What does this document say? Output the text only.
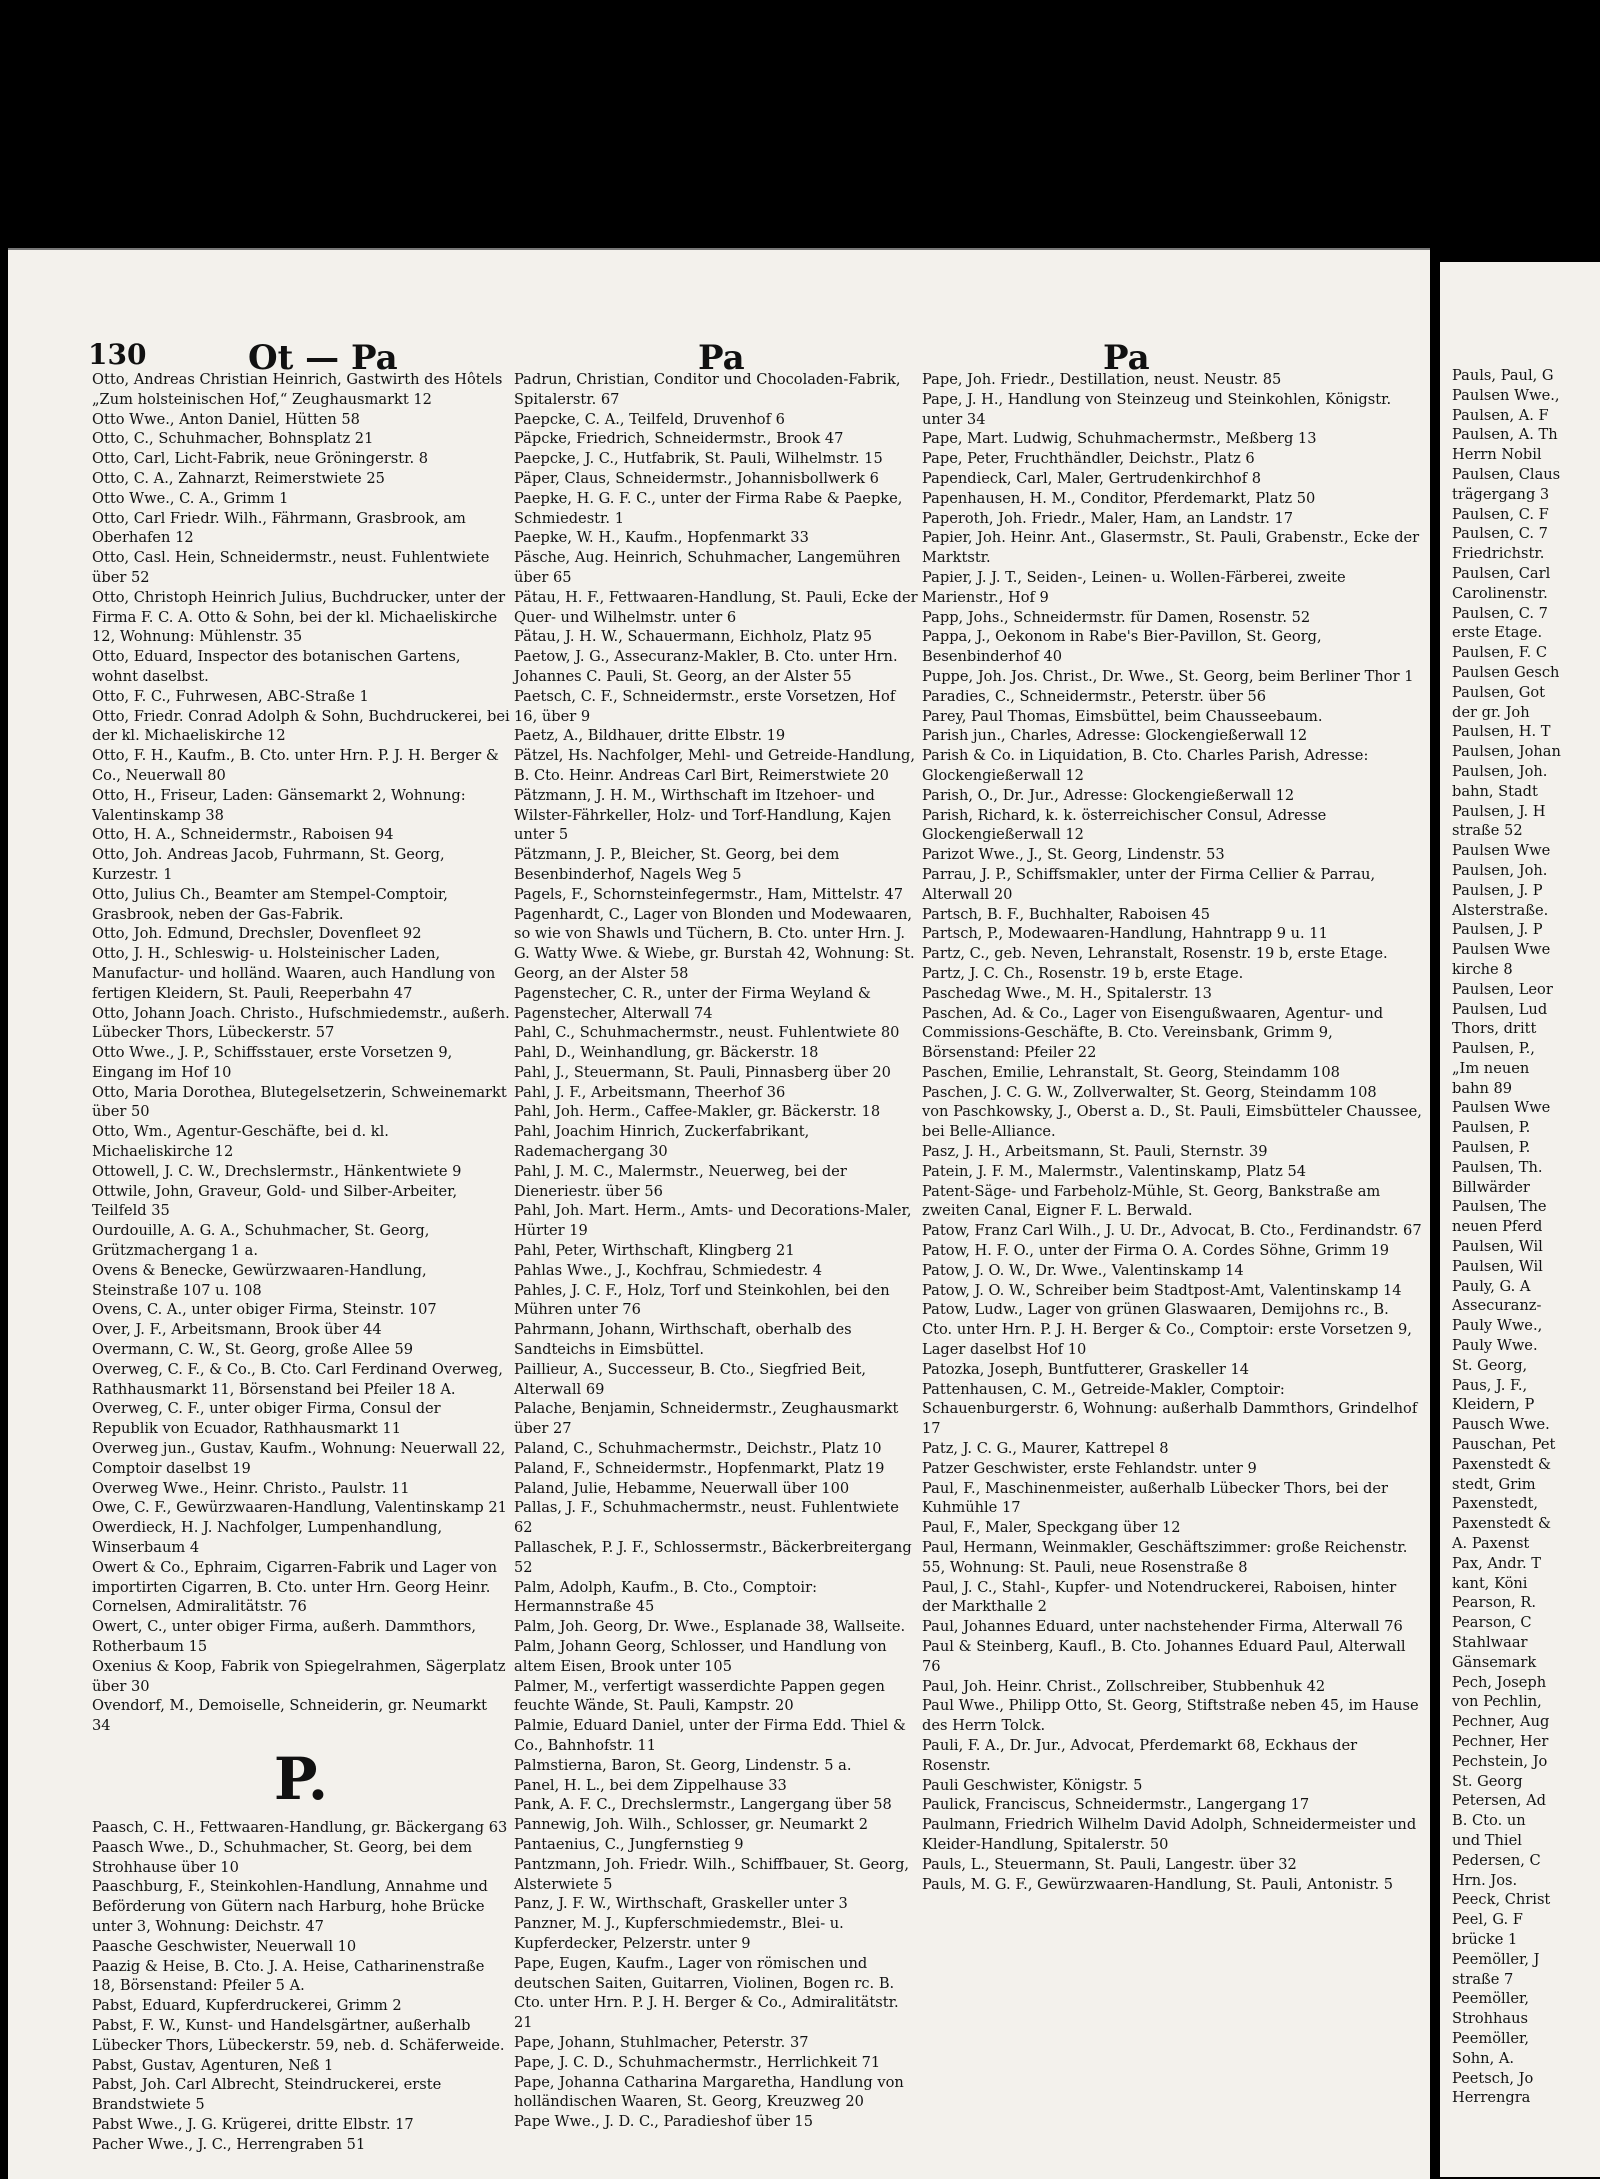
130	Ot — Pa	Pa	Pa
Otto, Andreas Christian Heinrich, Gastwirth des Hôtels „Zum holsteinischen Hof,“ Zeughausmarkt 12
Otto Wwe., Anton Daniel, Hütten 58
Otto, C., Schuhmacher, Bohnsplatz 21
Otto, Carl, Licht-Fabrik, neue Gröningerstr. 8
Otto, C. A., Zahnarzt, Reimerstwiete 25
Otto Wwe., C. A., Grimm 1
Otto, Carl Friedr. Wilh., Fährmann, Grasbrook, am Oberhafen 12
Otto, Casl. Hein, Schneidermstr., neust. Fuhlentwiete über 52
Otto, Christoph Heinrich Julius, Buchdrucker, unter der Firma F. C. A. Otto & Sohn, bei der kl. Michaeliskirche 12, Wohnung: Mühlenstr. 35
Otto, Eduard, Inspector des botanischen Gartens, wohnt daselbst.
Otto, F. C., Fuhrwesen, ABC-Straße 1
Otto, Friedr. Conrad Adolph & Sohn, Buchdruckerei, bei der kl. Michaeliskirche 12
Otto, F. H., Kaufm., B. Cto. unter Hrn. P. J. H. Berger & Co., Neuerwall 80
Otto, H., Friseur, Laden: Gänsemarkt 2, Wohnung: Valentinskamp 38
Otto, H. A., Schneidermstr., Raboisen 94
Otto, Joh. Andreas Jacob, Fuhrmann, St. Georg, Kurzestr. 1
Otto, Julius Ch., Beamter am Stempel-Comptoir, Grasbrook, neben der Gas-Fabrik.
Otto, Joh. Edmund, Drechsler, Dovenfleet 92
Otto, J. H., Schleswig- u. Holsteinischer Laden, Manufactur- und holländ. Waaren, auch Handlung von fertigen Kleidern, St. Pauli, Reeperbahn 47
Otto, Johann Joach. Christo., Hufschmiedemstr., außerh. Lübecker Thors, Lübeckerstr. 57
Otto Wwe., J. P., Schiffsstauer, erste Vorsetzen 9, Eingang im Hof 10
Otto, Maria Dorothea, Blutegelsetzerin, Schweinemarkt über 50
Otto, Wm., Agentur-Geschäfte, bei d. kl. Michaeliskirche 12
Ottowell, J. C. W., Drechslermstr., Hänkentwiete 9
Ottwile, John, Graveur, Gold- und Silber-Arbeiter, Teilfeld 35
Ourdouille, A. G. A., Schuhmacher, St. Georg, Grützmachergang 1 a.
Ovens & Benecke, Gewürzwaaren-Handlung, Steinstraße 107 u. 108
Ovens, C. A., unter obiger Firma, Steinstr. 107
Over, J. F., Arbeitsmann, Brook über 44
Overmann, C. W., St. Georg, große Allee 59
Overweg, C. F., & Co., B. Cto. Carl Ferdinand Overweg, Rathhausmarkt 11, Börsenstand bei Pfeiler 18 A.
Overweg, C. F., unter obiger Firma, Consul der Republik von Ecuador, Rathhausmarkt 11
Overweg jun., Gustav, Kaufm., Wohnung: Neuerwall 22, Comptoir daselbst 19
Overweg Wwe., Heinr. Christo., Paulstr. 11
Owe, C. F., Gewürzwaaren-Handlung, Valentinskamp 21
Owerdieck, H. J. Nachfolger, Lumpenhandlung, Winserbaum 4
Owert & Co., Ephraim, Cigarren-Fabrik und Lager von importirten Cigarren, B. Cto. unter Hrn. Georg Heinr. Cornelsen, Admiralitätstr. 76
Owert, C., unter obiger Firma, außerh. Dammthors, Rotherbaum 15
Oxenius & Koop, Fabrik von Spiegelrahmen, Sägerplatz über 30
Ovendorf, M., Demoiselle, Schneiderin, gr. Neumarkt 34
P.
Paasch, C. H., Fettwaaren-Handlung, gr. Bäckergang 63
Paasch Wwe., D., Schuhmacher, St. Georg, bei dem Strohhause über 10
Paaschburg, F., Steinkohlen-Handlung, Annahme und Beförderung von Gütern nach Harburg, hohe Brücke unter 3, Wohnung: Deichstr. 47
Paasche Geschwister, Neuerwall 10
Paazig & Heise, B. Cto. J. A. Heise, Catharinenstraße 18, Börsenstand: Pfeiler 5 A.
Pabst, Eduard, Kupferdruckerei, Grimm 2
Pabst, F. W., Kunst- und Handelsgärtner, außerhalb Lübecker Thors, Lübeckerstr. 59, neb. d. Schäferweide.
Pabst, Gustav, Agenturen, Neß 1
Pabst, Joh. Carl Albrecht, Steindruckerei, erste Brandstwiete 5
Pabst Wwe., J. G. Krügerei, dritte Elbstr. 17
Pacher Wwe., J. C., Herrengraben 51
Padrun, Christian, Conditor und Chocoladen-Fabrik, Spitalerstr. 67
Paepcke, C. A., Teilfeld, Druvenhof 6
Päpcke, Friedrich, Schneidermstr., Brook 47
Paepcke, J. C., Hutfabrik, St. Pauli, Wilhelmstr. 15
Päper, Claus, Schneidermstr., Johannisbollwerk 6
Paepke, H. G. F. C., unter der Firma Rabe & Paepke, Schmiedestr. 1
Paepke, W. H., Kaufm., Hopfenmarkt 33
Päsche, Aug. Heinrich, Schuhmacher, Langemühren über 65
Pätau, H. F., Fettwaaren-Handlung, St. Pauli, Ecke der Quer- und Wilhelmstr. unter 6
Pätau, J. H. W., Schauermann, Eichholz, Platz 95
Paetow, J. G., Assecuranz-Makler, B. Cto. unter Hrn. Johannes C. Pauli, St. Georg, an der Alster 55
Paetsch, C. F., Schneidermstr., erste Vorsetzen, Hof 16, über 9
Paetz, A., Bildhauer, dritte Elbstr. 19
Pätzel, Hs. Nachfolger, Mehl- und Getreide-Handlung, B. Cto. Heinr. Andreas Carl Birt, Reimerstwiete 20
Pätzmann, J. H. M., Wirthschaft im Itzehoer- und Wilster-Fährkeller, Holz- und Torf-Handlung, Kajen unter 5
Pätzmann, J. P., Bleicher, St. Georg, bei dem Besenbinderhof, Nagels Weg 5
Pagels, F., Schornsteinfegermstr., Ham, Mittelstr. 47
Pagenhardt, C., Lager von Blonden und Modewaaren, so wie von Shawls und Tüchern, B. Cto. unter Hrn. J. G. Watty Wwe. & Wiebe, gr. Burstah 42, Wohnung: St. Georg, an der Alster 58
Pagenstecher, C. R., unter der Firma Weyland & Pagenstecher, Alterwall 74
Pahl, C., Schuhmachermstr., neust. Fuhlentwiete 80
Pahl, D., Weinhandlung, gr. Bäckerstr. 18
Pahl, J., Steuermann, St. Pauli, Pinnasberg über 20
Pahl, J. F., Arbeitsmann, Theerhof 36
Pahl, Joh. Herm., Caffee-Makler, gr. Bäckerstr. 18
Pahl, Joachim Hinrich, Zuckerfabrikant, Rademachergang 30
Pahl, J. M. C., Malermstr., Neuerweg, bei der Dieneriestr. über 56
Pahl, Joh. Mart. Herm., Amts- und Decorations-Maler, Hürter 19
Pahl, Peter, Wirthschaft, Klingberg 21
Pahlas Wwe., J., Kochfrau, Schmiedestr. 4
Pahles, J. C. F., Holz, Torf und Steinkohlen, bei den Mühren unter 76
Pahrmann, Johann, Wirthschaft, oberhalb des Sandteichs in Eimsbüttel.
Paillieur, A., Successeur, B. Cto., Siegfried Beit, Alterwall 69
Palache, Benjamin, Schneidermstr., Zeughausmarkt über 27
Paland, C., Schuhmachermstr., Deichstr., Platz 10
Paland, F., Schneidermstr., Hopfenmarkt, Platz 19
Paland, Julie, Hebamme, Neuerwall über 100
Pallas, J. F., Schuhmachermstr., neust. Fuhlentwiete 62
Pallaschek, P. J. F., Schlossermstr., Bäckerbreitergang 52
Palm, Adolph, Kaufm., B. Cto., Comptoir: Hermannstraße 45
Palm, Joh. Georg, Dr. Wwe., Esplanade 38, Wallseite.
Palm, Johann Georg, Schlosser, und Handlung von altem Eisen, Brook unter 105
Palmer, M., verfertigt wasserdichte Pappen gegen feuchte Wände, St. Pauli, Kampstr. 20
Palmie, Eduard Daniel, unter der Firma Edd. Thiel & Co., Bahnhofstr. 11
Palmstierna, Baron, St. Georg, Lindenstr. 5 a.
Panel, H. L., bei dem Zippelhause 33
Pank, A. F. C., Drechslermstr., Langergang über 58
Pannewig, Joh. Wilh., Schlosser, gr. Neumarkt 2
Pantaenius, C., Jungfernstieg 9
Pantzmann, Joh. Friedr. Wilh., Schiffbauer, St. Georg, Alsterwiete 5
Panz, J. F. W., Wirthschaft, Graskeller unter 3
Panzner, M. J., Kupferschmiedemstr., Blei- u. Kupferdecker, Pelzerstr. unter 9
Pape, Eugen, Kaufm., Lager von römischen und deutschen Saiten, Guitarren, Violinen, Bogen rc. B. Cto. unter Hrn. P. J. H. Berger & Co., Admiralitätstr. 21
Pape, Johann, Stuhlmacher, Peterstr. 37
Pape, J. C. D., Schuhmachermstr., Herrlichkeit 71
Pape, Johanna Catharina Margaretha, Handlung von holländischen Waaren, St. Georg, Kreuzweg 20
Pape Wwe., J. D. C., Paradieshof über 15
Pape, Joh. Friedr., Destillation, neust. Neustr. 85
Pape, J. H., Handlung von Steinzeug und Steinkohlen, Königstr. unter 34
Pape, Mart. Ludwig, Schuhmachermstr., Meßberg 13
Pape, Peter, Fruchthändler, Deichstr., Platz 6
Papendieck, Carl, Maler, Gertrudenkirchhof 8
Papenhausen, H. M., Conditor, Pferdemarkt, Platz 50
Paperoth, Joh. Friedr., Maler, Ham, an Landstr. 17
Papier, Joh. Heinr. Ant., Glasermstr., St. Pauli, Grabenstr., Ecke der Marktstr.
Papier, J. J. T., Seiden-, Leinen- u. Wollen-Färberei, zweite Marienstr., Hof 9
Papp, Johs., Schneidermstr. für Damen, Rosenstr. 52
Pappa, J., Oekonom in Rabe's Bier-Pavillon, St. Georg, Besenbinderhof 40
Puppe, Joh. Jos. Christ., Dr. Wwe., St. Georg, beim Berliner Thor 1
Paradies, C., Schneidermstr., Peterstr. über 56
Parey, Paul Thomas, Eimsbüttel, beim Chausseebaum.
Parish jun., Charles, Adresse: Glockengießerwall 12
Parish & Co. in Liquidation, B. Cto. Charles Parish, Adresse: Glockengießerwall 12
Parish, O., Dr. Jur., Adresse: Glockengießerwall 12
Parish, Richard, k. k. österreichischer Consul, Adresse Glockengießerwall 12
Parizot Wwe., J., St. Georg, Lindenstr. 53
Parrau, J. P., Schiffsmakler, unter der Firma Cellier & Parrau, Alterwall 20
Partsch, B. F., Buchhalter, Raboisen 45
Partsch, P., Modewaaren-Handlung, Hahntrapp 9 u. 11
Partz, C., geb. Neven, Lehranstalt, Rosenstr. 19 b, erste Etage.
Partz, J. C. Ch., Rosenstr. 19 b, erste Etage.
Paschedag Wwe., M. H., Spitalerstr. 13
Paschen, Ad. & Co., Lager von Eisengußwaaren, Agentur- und Commissions-Geschäfte, B. Cto. Vereinsbank, Grimm 9, Börsenstand: Pfeiler 22
Paschen, Emilie, Lehranstalt, St. Georg, Steindamm 108
Paschen, J. C. G. W., Zollverwalter, St. Georg, Steindamm 108
von Paschkowsky, J., Oberst a. D., St. Pauli, Eimsbütteler Chaussee, bei Belle-Alliance.
Pasz, J. H., Arbeitsmann, St. Pauli, Sternstr. 39
Patein, J. F. M., Malermstr., Valentinskamp, Platz 54
Patent-Säge- und Farbeholz-Mühle, St. Georg, Bankstraße am zweiten Canal, Eigner F. L. Berwald.
Patow, Franz Carl Wilh., J. U. Dr., Advocat, B. Cto., Ferdinandstr. 67
Patow, H. F. O., unter der Firma O. A. Cordes Söhne, Grimm 19
Patow, J. O. W., Dr. Wwe., Valentinskamp 14
Patow, J. O. W., Schreiber beim Stadtpost-Amt, Valentinskamp 14
Patow, Ludw., Lager von grünen Glaswaaren, Demijohns rc., B. Cto. unter Hrn. P. J. H. Berger & Co., Comptoir: erste Vorsetzen 9, Lager daselbst Hof 10
Patozka, Joseph, Buntfutterer, Graskeller 14
Pattenhausen, C. M., Getreide-Makler, Comptoir: Schauenburgerstr. 6, Wohnung: außerhalb Dammthors, Grindelhof 17
Patz, J. C. G., Maurer, Kattrepel 8
Patzer Geschwister, erste Fehlandstr. unter 9
Paul, F., Maschinenmeister, außerhalb Lübecker Thors, bei der Kuhmühle 17
Paul, F., Maler, Speckgang über 12
Paul, Hermann, Weinmakler, Geschäftszimmer: große Reichenstr. 55, Wohnung: St. Pauli, neue Rosenstraße 8
Paul, J. C., Stahl-, Kupfer- und Notendruckerei, Raboisen, hinter der Markthalle 2
Paul, Johannes Eduard, unter nachstehender Firma, Alterwall 76
Paul & Steinberg, Kaufl., B. Cto. Johannes Eduard Paul, Alterwall 76
Paul, Joh. Heinr. Christ., Zollschreiber, Stubbenhuk 42
Paul Wwe., Philipp Otto, St. Georg, Stiftstraße neben 45, im Hause des Herrn Tolck.
Pauli, F. A., Dr. Jur., Advocat, Pferdemarkt 68, Eckhaus der Rosenstr.
Pauli Geschwister, Königstr. 5
Paulick, Franciscus, Schneidermstr., Langergang 17
Paulmann, Friedrich Wilhelm David Adolph, Schneidermeister und Kleider-Handlung, Spitalerstr. 50
Pauls, L., Steuermann, St. Pauli, Langestr. über 32
Pauls, M. G. F., Gewürzwaaren-Handlung, St. Pauli, Antonistr. 5
Pauls, Paul, G
Paulsen Wwe.,
Paulsen, A. F
Paulsen, A. Th
Herrn Nobil
Paulsen, Claus
trägergang 3
Paulsen, C. F
Paulsen, C. 7
Friedrichstr.
Paulsen, Carl
Carolinenstr.
Paulsen, C. 7
erste Etage.
Paulsen, F. C
Paulsen Gesch
Paulsen, Got
der gr. Joh
Paulsen, H. T
Paulsen, Johan
Paulsen, Joh.
bahn, Stadt
Paulsen, J. H
straße 52
Paulsen Wwe
Paulsen, Joh.
Paulsen, J. P
Alsterstraße.
Paulsen, J. P
Paulsen Wwe
kirche 8
Paulsen, Leor
Paulsen, Lud
Thors, dritt
Paulsen, P.,
„Im neuen
bahn 89
Paulsen Wwe
Paulsen, P.
Paulsen, P.
Paulsen, Th.
Billwärder
Paulsen, The
neuen Pferd
Paulsen, Wil
Paulsen, Wil
Pauly, G. A
Assecuranz-
Pauly Wwe.,
Pauly Wwe.
St. Georg,
Paus, J. F.,
Kleidern, P
Pausch Wwe.
Pauschan, Pet
Paxenstedt &
stedt, Grim
Paxenstedt,
Paxenstedt &
A. Paxenst
Pax, Andr. T
kant, Köni
Pearson, R.
Pearson, C
Stahlwaar
Gänsemark
Pech, Joseph
von Pechlin,
Pechner, Aug
Pechner, Her
Pechstein, Jo
St. Georg
Petersen, Ad
B. Cto. un
und Thiel
Pedersen, C
Hrn. Jos.
Peeck, Christ
Peel, G. F
brücke 1
Peemöller, J
straße 7
Peemöller,
Strohhaus
Peemöller,
Sohn, A.
Peetsch, Jo
Herrengra
